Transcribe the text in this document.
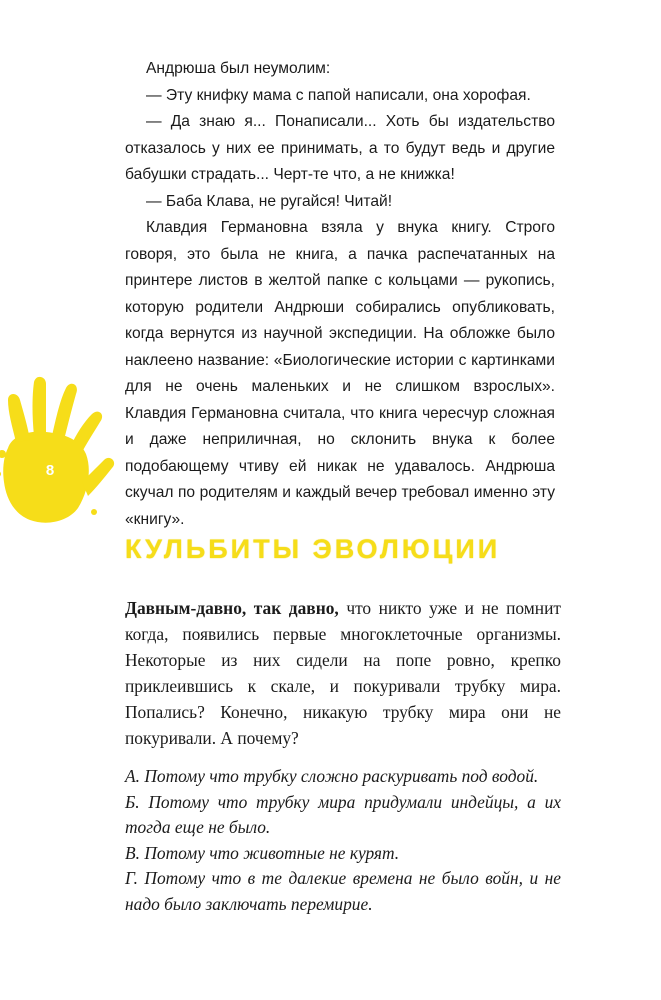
Андрюша был неумолим:

— Эту книфку мама с папой написали, она хорофая.

— Да знаю я... Понаписали... Хоть бы издательство отказалось у них ее принимать, а то будут ведь и другие бабушки страдать... Черт-те что, а не книжка!

— Баба Клава, не ругайся! Читай!

Клавдия Германовна взяла у внука книгу. Строго говоря, это была не книга, а пачка распечатанных на принтере листов в желтой папке с кольцами — рукопись, которую родители Андрюши собирались опубликовать, когда вернутся из научной экспедиции. На обложке было наклеено название: «Биологические истории с картинками для не очень маленьких и не слишком взрослых». Клавдия Германовна считала, что книга чересчур сложная и даже неприличная, но склонить внука к более подобающему чтиву ей никак не удавалось. Андрюша скучал по родителям и каждый вечер требовал именно эту «книгу».

8
КУЛЬБИТЫ ЭВОЛЮЦИИ

Давным-давно, так давно, что никто уже и не помнит когда, появились первые многоклеточные организмы. Некоторые из них сидели на попе ровно, крепко приклеившись к скале, и покуривали трубку мира. Попались? Конечно, никакую трубку мира они не покуривали. А почему?

А. Потому что трубку сложно раскуривать под водой.
Б. Потому что трубку мира придумали индейцы, а их тогда еще не было.
В. Потому что животные не курят.
Г. Потому что в те далекие времена не было войн, и не надо было заключать перемирие.
